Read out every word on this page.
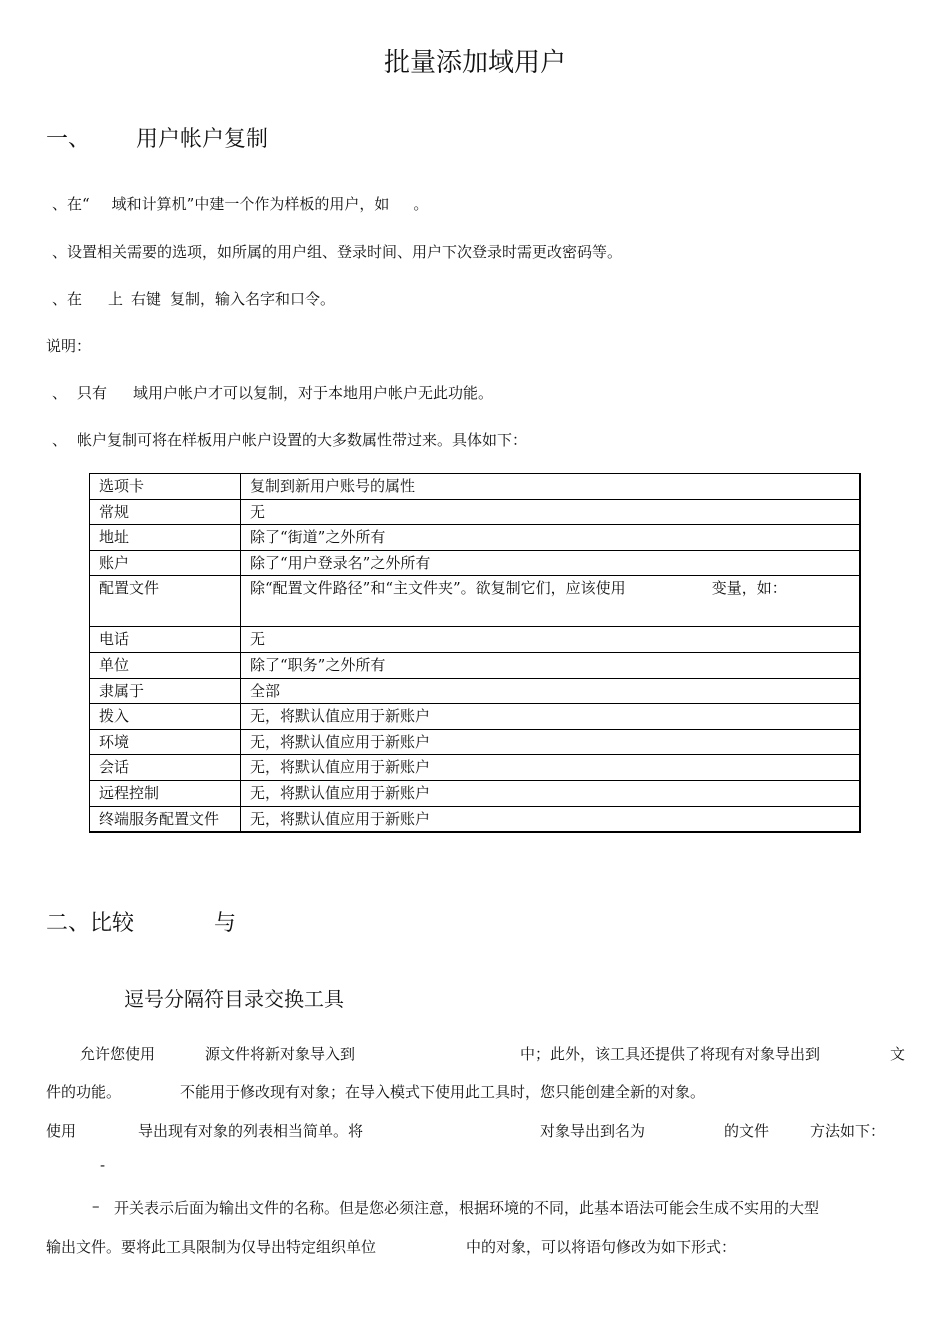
批量添加域用户
一、 用户帐户复制
、在“ 域和计算机”中建一个作为样板的用户，如 。
、设置相关需要的选项，如所属的用户组、登录时间、用户下次登录时需更改密码等。
、在 上 右键 复制，输入名字和口令。
说明：
、 只有 域用户帐户才可以复制，对于本地用户帐户无此功能。
、 帐户复制可将在样板用户帐户设置的大多数属性带过来。具体如下：
选项卡	复制到新用户账号的属性
常规	无
地址	除了“街道”之外所有
账户	除了“用户登录名”之外所有
配置文件	除“配置文件路径”和“主文件夹”。欲复制它们，应该使用 变量，如：
电话	无
单位	除了“职务”之外所有
隶属于	全部
拨入	无，将默认值应用于新账户
环境	无，将默认值应用于新账户
会话	无，将默认值应用于新账户
远程控制	无，将默认值应用于新账户
终端服务配置文件	无，将默认值应用于新账户
二、比较	与
逗号分隔符目录交换工具
允许您使用	源文件将新对象导入到	中；此外，该工具还提供了将现有对象导出到	文
件的功能。	不能用于修改现有对象；在导入模式下使用此工具时，您只能创建全新的对象。
使用	导出现有对象的列表相当简单。将	对象导出到名为	的文件	方法如下：
-
– 开关表示后面为输出文件的名称。但是您必须注意，根据环境的不同，此基本语法可能会生成不实用的大型
输出文件。要将此工具限制为仅导出特定组织单位	中的对象，可以将语句修改为如下形式：
